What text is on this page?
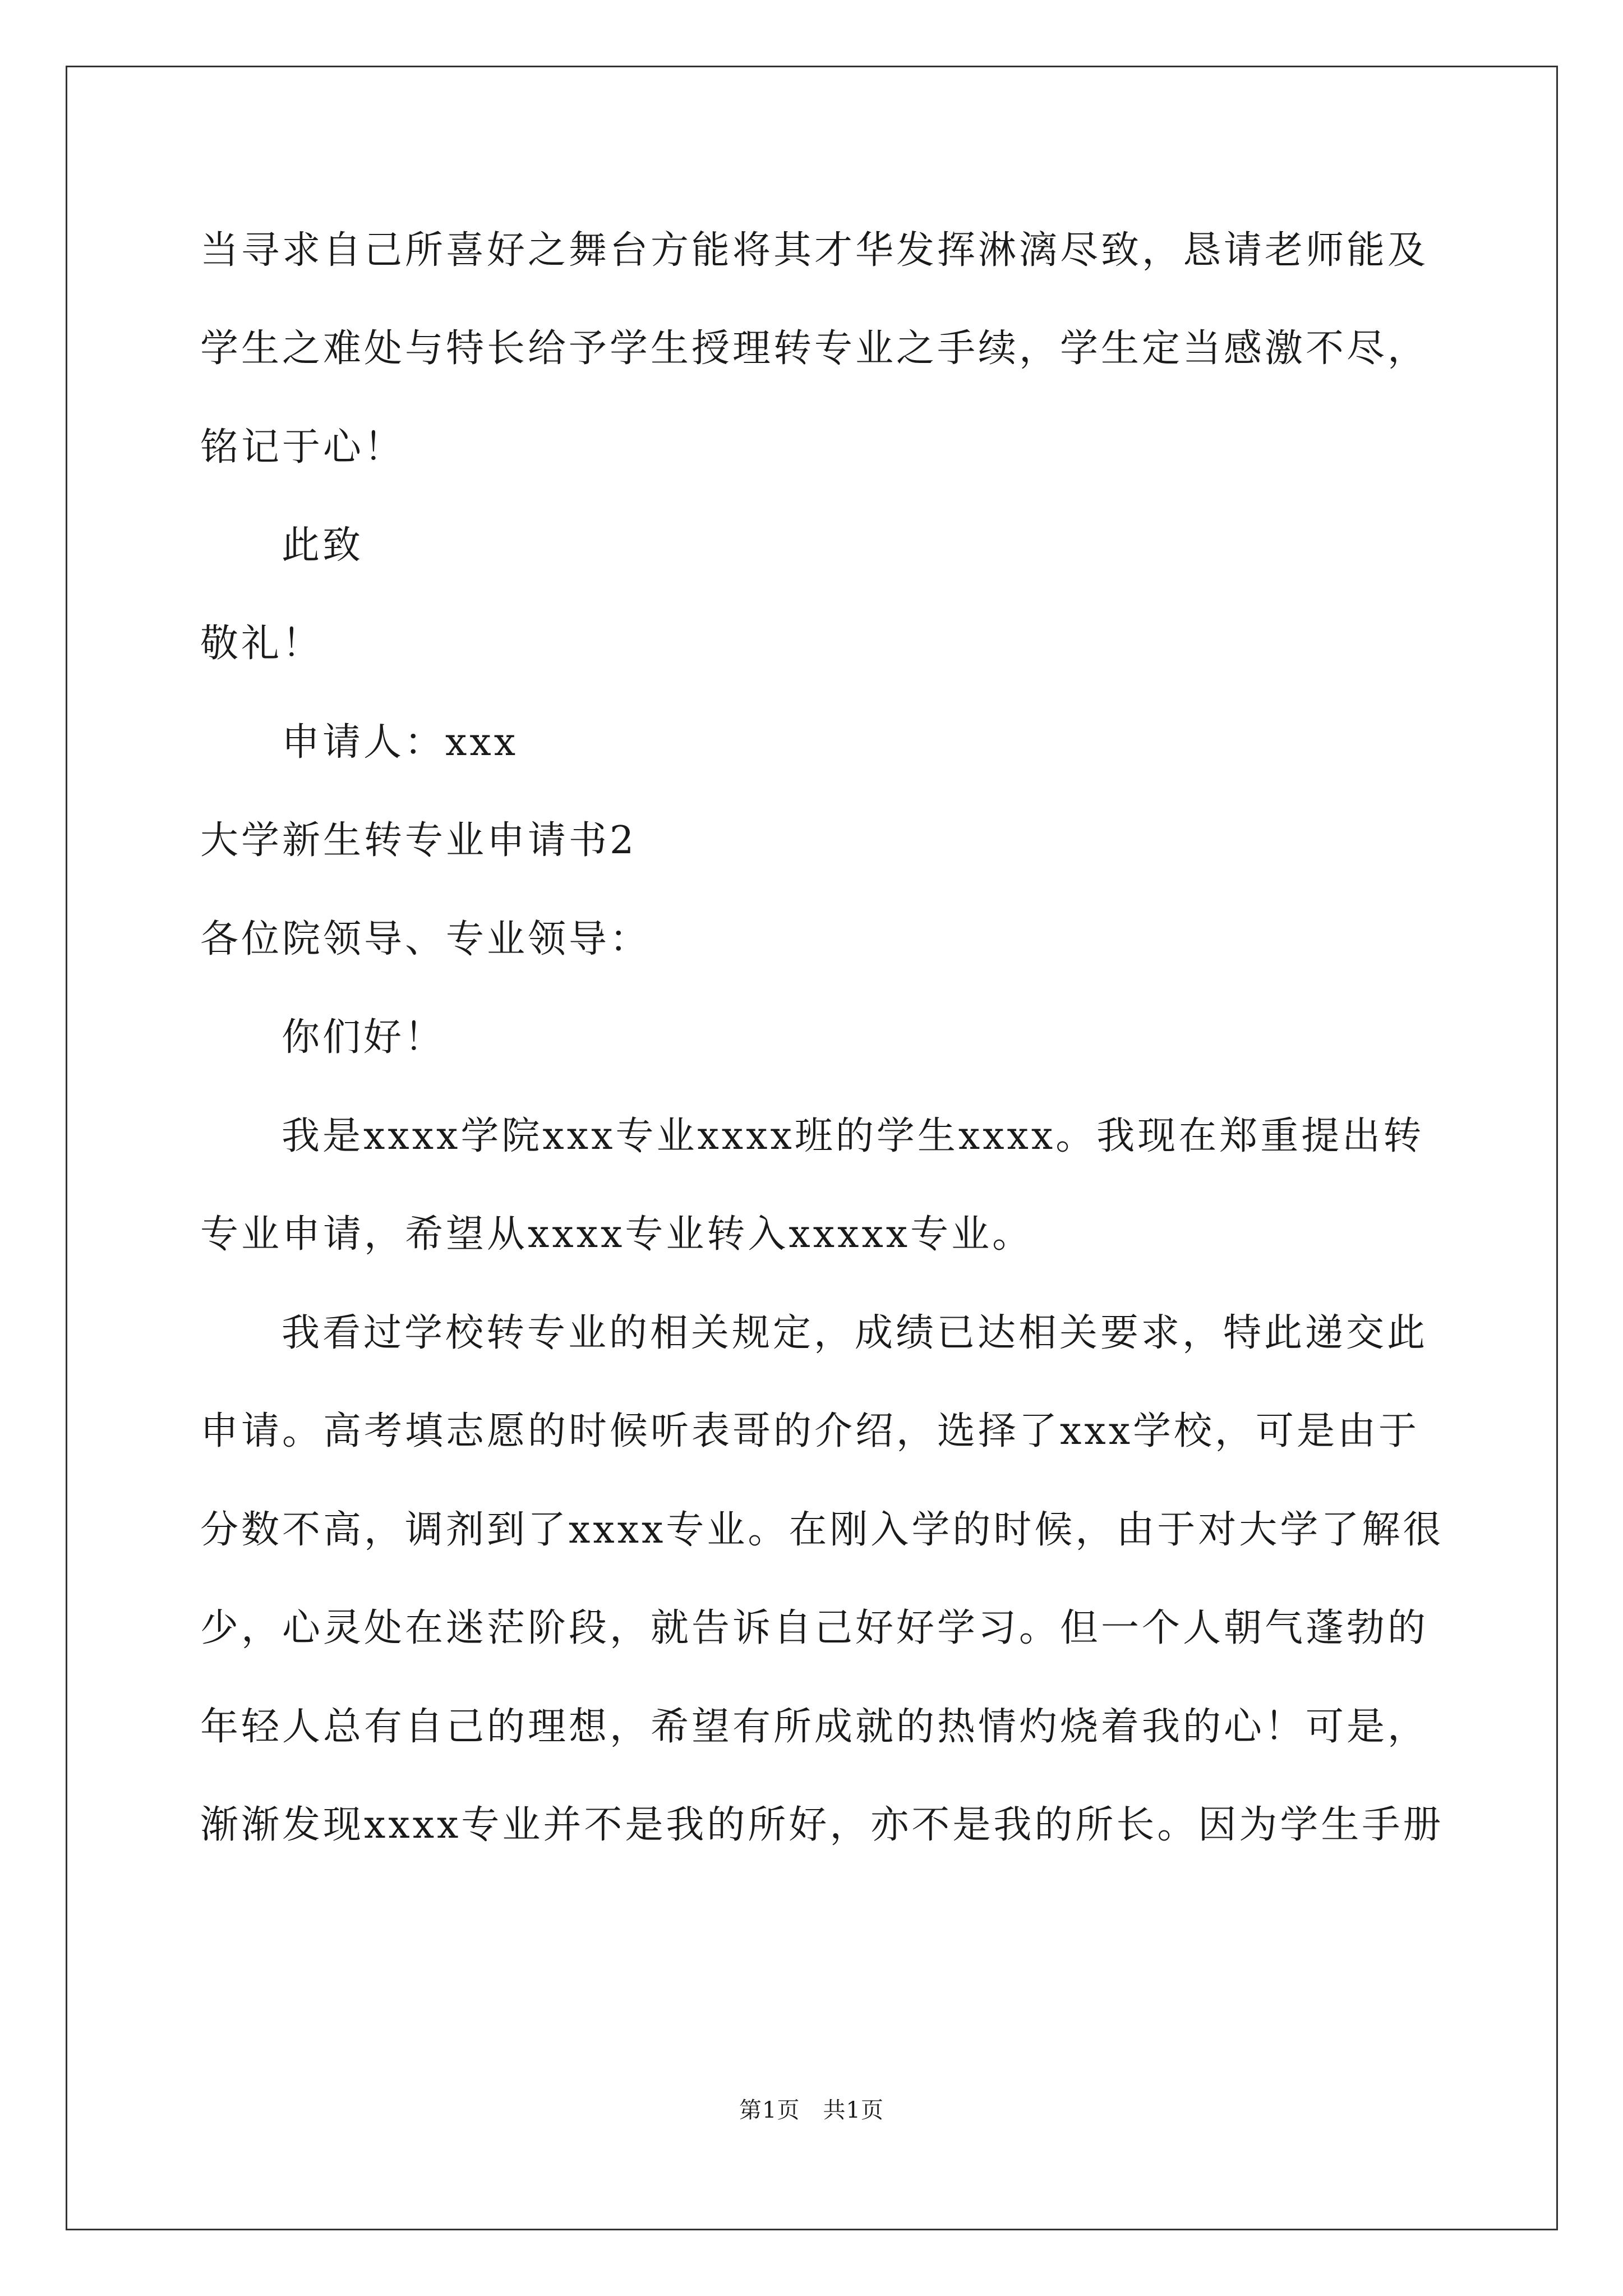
当寻求自己所喜好之舞台方能将其才华发挥淋漓尽致，恳请老师能及
学生之难处与特长给予学生授理转专业之手续，学生定当感激不尽，
铭记于心！
此致
敬礼！
申请人：xxx
大学新生转专业申请书2
各位院领导、专业领导：
你们好！
我是xxxx学院xxx专业xxxx班的学生xxxx。我现在郑重提出转
专业申请，希望从xxxx专业转入xxxxx专业。
我看过学校转专业的相关规定，成绩已达相关要求，特此递交此
申请。高考填志愿的时候听表哥的介绍，选择了xxx学校，可是由于
分数不高，调剂到了xxxx专业。在刚入学的时候，由于对大学了解很
少，心灵处在迷茫阶段，就告诉自己好好学习。但一个人朝气蓬勃的
年轻人总有自己的理想，希望有所成就的热情灼烧着我的心！可是，
渐渐发现xxxx专业并不是我的所好，亦不是我的所长。因为学生手册
第1页　共1页
